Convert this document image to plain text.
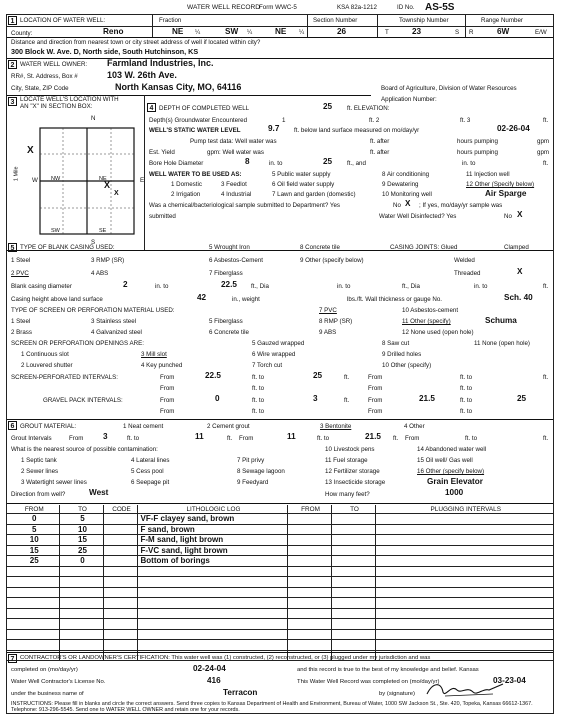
WATER WELL RECORD
Form WWC-5	KSA 82a-1212	ID No. AS-5S
1 LOCATION OF WATER WELL:	Fraction	Section Number	Township Number	Range Number
County:	Reno	NE ¼	SW ¼	NE ¼	26	T	23	S R	6W	E/W
Distance and direction from nearest town or city street address of well if located within city?
300 Block W. Ave. D, North side, South Hutchinson, KS
2 WATER WELL OWNER: Farmland Industries, Inc.
RR#, St. Address, Box #	103 W. 26th Ave.
City, State, ZIP Code	North Kansas City, MO, 64116	Board of Agriculture, Division of Water Resources
Application Number:
3 LOCATE WELL'S LOCATION WITH
AN "X" IN SECTION BOX:
N
S
E
W
1 Mile	NW	NE
SW	SE
X
X
X
4 DEPTH OF COMPLETED WELL	25 ft. ELEVATION:
Depth(s) Groundwater Encountered	1	ft. 2	ft. 3	ft.
WELL'S STATIC WATER LEVEL	9.7 ft. below land surface measured on mo/day/yr	02-26-04
Pump test data: Well water was	ft. after	hours pumping	gpm
Est. Yield	gpm: Well water was	ft. after	hours pumping	gpm
Bore Hole Diameter	8	in. to	25 ft., and	in. to	ft.
WELL WATER TO BE USED AS:	5 Public water supply	8 Air conditioning	11 Injection well
1 Domestic	3 Feedlot	6 Oil field water supply	9 Dewatering	12 Other (Specify below)
2 Irrigation	4 Industrial	7 Lawn and garden (domestic)	10 Monitoring well	Air Sparge
Was a chemical/bacteriological sample submitted to Department? Yes	No X ; If yes, mo/day/yr sample was
submitted	Water Well Disinfected? Yes	No X
5 TYPE OF BLANK CASING USED:	5 Wrought Iron	8 Concrete tile	CASING JOINTS: Glued	Clamped
1 Steel	3 RMP (SR)	6 Asbestos-Cement	9 Other (specify below)	Welded
2 PVC	4 ABS	7 Fiberglass	Threaded	X
Blank casing diameter	2	in. to	22.5 ft., Dia	in. to	ft., Dia	in. to	ft.
Casing height above land surface	42	in., weight	lbs./ft. Wall thickness or gauge No.	Sch. 40
TYPE OF SCREEN OR PERFORATION MATERIAL USED:	7 PVC	10 Asbestos-cement
1 Steel	3 Stainless steel	5 Fiberglass	8 RMP (SR)	11 Other (specify)	Schuma
2 Brass	4 Galvanized steel	6 Concrete tile	9 ABS	12 None used (open hole)
SCREEN OR PERFORATION OPENINGS ARE:	5 Gauzed wrapped	8 Saw cut	11 None (open hole)
1 Continuous slot	3 Mill slot	6 Wire wrapped	9 Drilled holes
2 Louvered shutter	4 Key punched	7 Torch cut	10 Other (specify)
SCREEN-PERFORATED INTERVALS:	From	22.5	ft. to	25	ft.	From	ft. to	ft.
From	ft. to	From	ft. to
GRAVEL PACK INTERVALS:	From	0	ft. to	3	ft.	From	21.5	ft. to	25
From	ft. to	From	ft. to
6 GROUT MATERIAL:	1 Neat cement	2 Cement grout	3 Bentonite	4 Other
Grout Intervals	From 3	ft. to	11	ft. From	11	ft. to	21.5 ft. From	ft. to	ft.
What is the nearest source of possible contamination:	10 Livestock pens	14 Abandoned water well
1 Septic tank	4 Lateral lines	7 Pit privy	11 Fuel storage	15 Oil well/ Gas well
2 Sewer lines	5 Cess pool	8 Sewage lagoon	12 Fertilizer storage	16 Other (specify below)
3 Watertight sewer lines	6 Seepage pit	9 Feedyard	13 Insecticide storage	Grain Elevator
Direction from well?	West	How many feet?	1000
FROM	TO	CODE	LITHOLOGIC LOG	FROM	TO	PLUGGING INTERVALS
0	5		VF-F clayey sand, brown			
5	10		F sand, brown			
10	15		F-M sand, light brown			
15	25		F-VC sand, light brown			
25	0		Bottom of borings			

7 CONTRACTOR'S OR LANDOWNER'S CERTIFICATION: This water well was (1) constructed, (2) reconstructed, or (3) plugged under my jurisdiction and was
completed on (mo/day/yr)	02-24-04	and this record is true to the best of my knowledge and belief. Kansas
Water Well Contractor's License No.	416	This Water Well Record was completed on (mo/day/yr)	03-23-04
under the business name of	Terracon	by (signature)
INSTRUCTIONS: Please fill in blanks and circle the correct answers. Send three copies to Kansas Department of Health and Environment, Bureau of Water, 1000 SW Jackson St., Ste. 420, Topeka, Kansas 66612-1367. Telephone: 913-296-5545. Send one to WATER WELL OWNER and retain one for your records.
